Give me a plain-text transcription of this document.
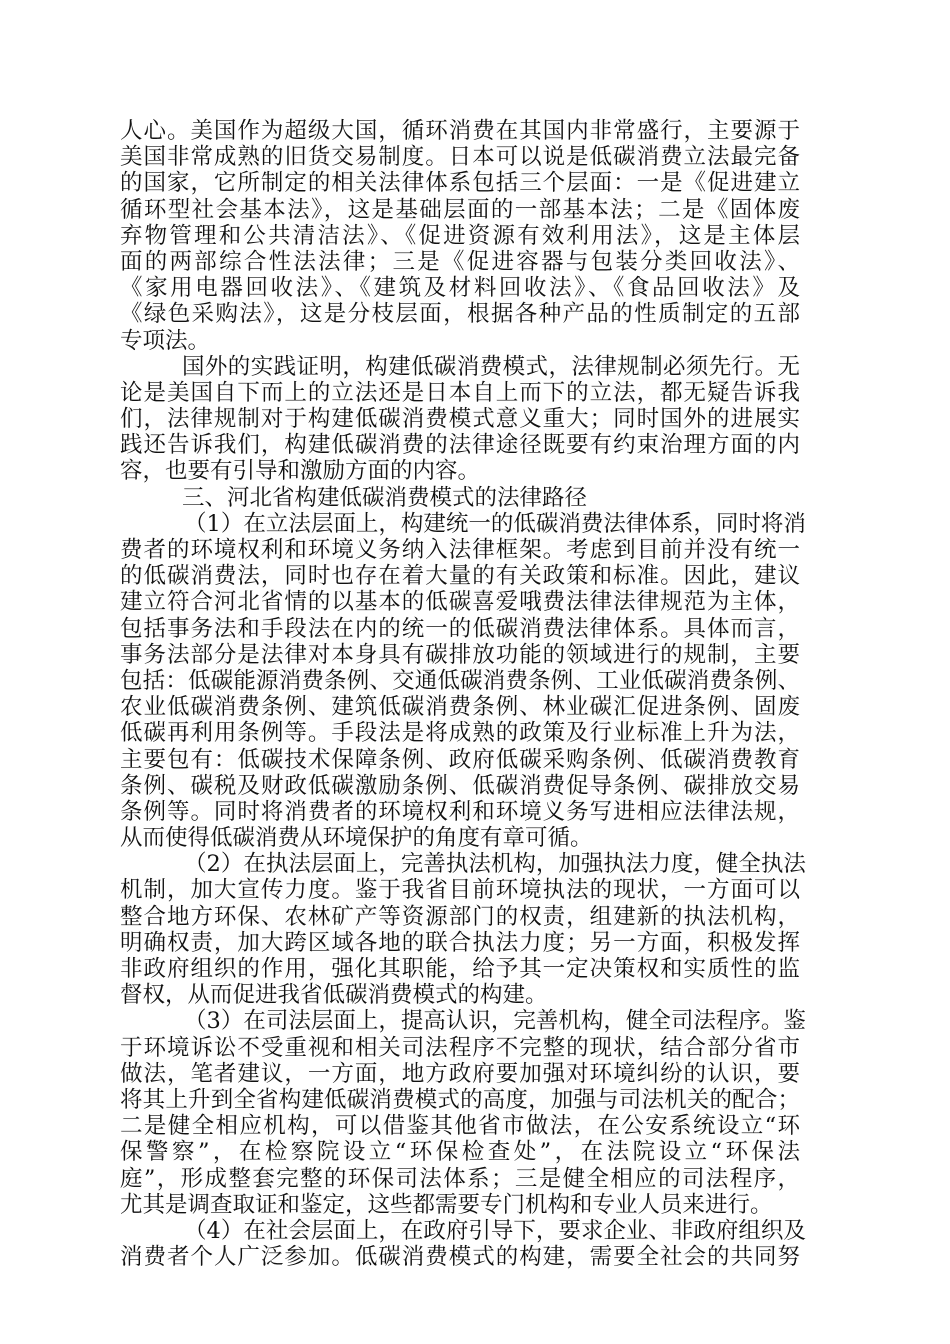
人心。美国作为超级大国，循环消费在其国内非常盛行，主要源于
美国非常成熟的旧货交易制度。日本可以说是低碳消费立法最完备
的国家，它所制定的相关法律体系包括三个层面：一是《促进建立
循环型社会基本法》，这是基础层面的一部基本法；二是《固体废
弃物管理和公共清洁法》、《促进资源有效利用法》，这是主体层
面的两部综合性法法律；三是《促进容器与包装分类回收法》、
《家用电器回收法》、《建筑及材料回收法》、《食品回收法》及
《绿色采购法》，这是分枝层面，根据各种产品的性质制定的五部
专项法。
国外的实践证明，构建低碳消费模式，法律规制必须先行。无
论是美国自下而上的立法还是日本自上而下的立法，都无疑告诉我
们，法律规制对于构建低碳消费模式意义重大；同时国外的进展实
践还告诉我们，构建低碳消费的法律途径既要有约束治理方面的内
容，也要有引导和激励方面的内容。
三、河北省构建低碳消费模式的法律路径
（1）在立法层面上，构建统一的低碳消费法律体系，同时将消
费者的环境权利和环境义务纳入法律框架。考虑到目前并没有统一
的低碳消费法，同时也存在着大量的有关政策和标准。因此，建议
建立符合河北省情的以基本的低碳喜爱哦费法律法律规范为主体，
包括事务法和手段法在内的统一的低碳消费法律体系。具体而言，
事务法部分是法律对本身具有碳排放功能的领域进行的规制，主要
包括：低碳能源消费条例、交通低碳消费条例、工业低碳消费条例、
农业低碳消费条例、建筑低碳消费条例、林业碳汇促进条例、固废
低碳再利用条例等。手段法是将成熟的政策及行业标准上升为法，
主要包有：低碳技术保障条例、政府低碳采购条例、低碳消费教育
条例、碳税及财政低碳激励条例、低碳消费促导条例、碳排放交易
条例等。同时将消费者的环境权利和环境义务写进相应法律法规，
从而使得低碳消费从环境保护的角度有章可循。
（2）在执法层面上，完善执法机构，加强执法力度，健全执法
机制，加大宣传力度。鉴于我省目前环境执法的现状，一方面可以
整合地方环保、农林矿产等资源部门的权责，组建新的执法机构，
明确权责，加大跨区域各地的联合执法力度；另一方面，积极发挥
非政府组织的作用，强化其职能，给予其一定决策权和实质性的监
督权，从而促进我省低碳消费模式的构建。
（3）在司法层面上，提高认识，完善机构，健全司法程序。鉴
于环境诉讼不受重视和相关司法程序不完整的现状，结合部分省市
做法，笔者建议，一方面，地方政府要加强对环境纠纷的认识，要
将其上升到全省构建低碳消费模式的高度，加强与司法机关的配合；
二是健全相应机构，可以借鉴其他省市做法，在公安系统设立“环
保警察”，在检察院设立“环保检查处”，在法院设立“环保法
庭”，形成整套完整的环保司法体系；三是健全相应的司法程序，
尤其是调查取证和鉴定，这些都需要专门机构和专业人员来进行。
（4）在社会层面上，在政府引导下，要求企业、非政府组织及
消费者个人广泛参加。低碳消费模式的构建，需要全社会的共同努
